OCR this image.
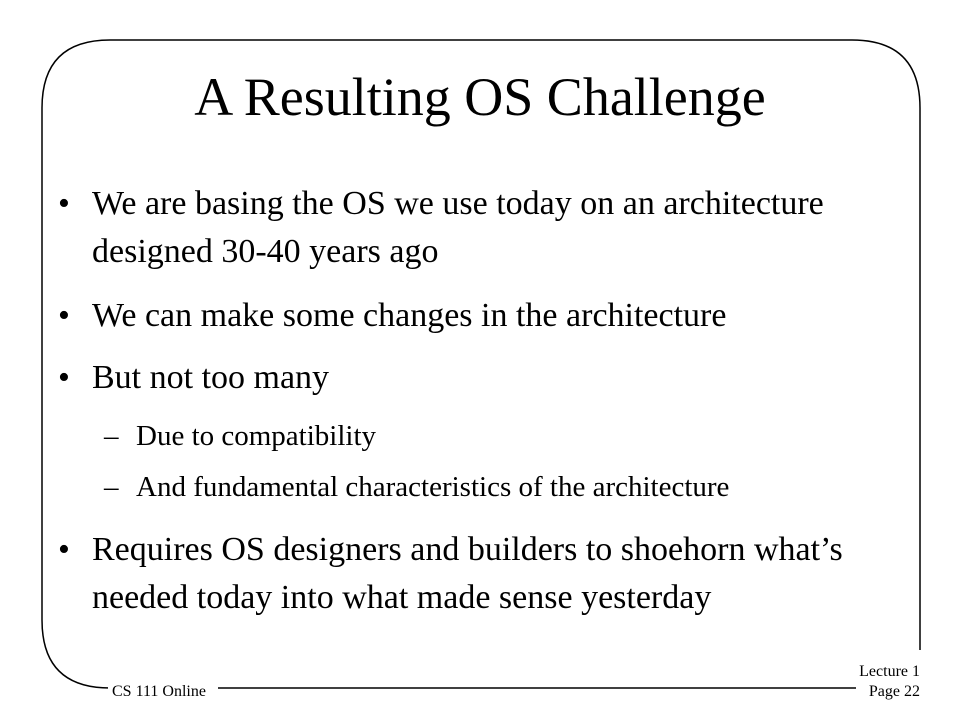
A Resulting OS Challenge
• We are basing the OS we use today on an architecture designed 30-40 years ago
• We can make some changes in the architecture
• But not too many
– Due to compatibility
– And fundamental characteristics of the architecture
• Requires OS designers and builders to shoehorn what’s needed today into what made sense yesterday
CS 111 Online
Lecture 1
Page 22
